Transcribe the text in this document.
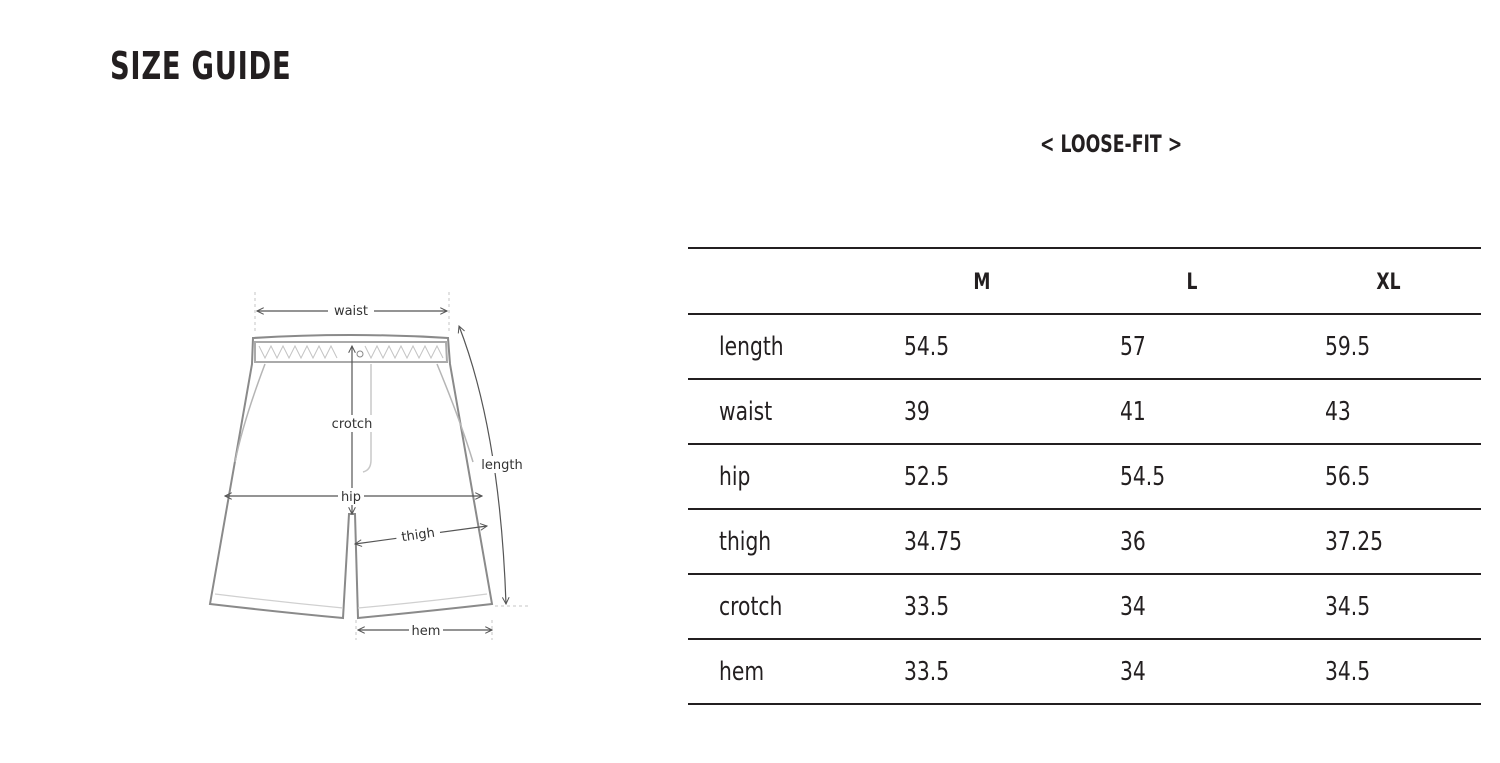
SIZE GUIDE
waist
crotch
length
hip
thigh
hem
< LOOSE-FIT >
	M	L	XL
length	54.5	57	59.5
waist	39	41	43
hip	52.5	54.5	56.5
thigh	34.75	36	37.25
crotch	33.5	34	34.5
hem	33.5	34	34.5
